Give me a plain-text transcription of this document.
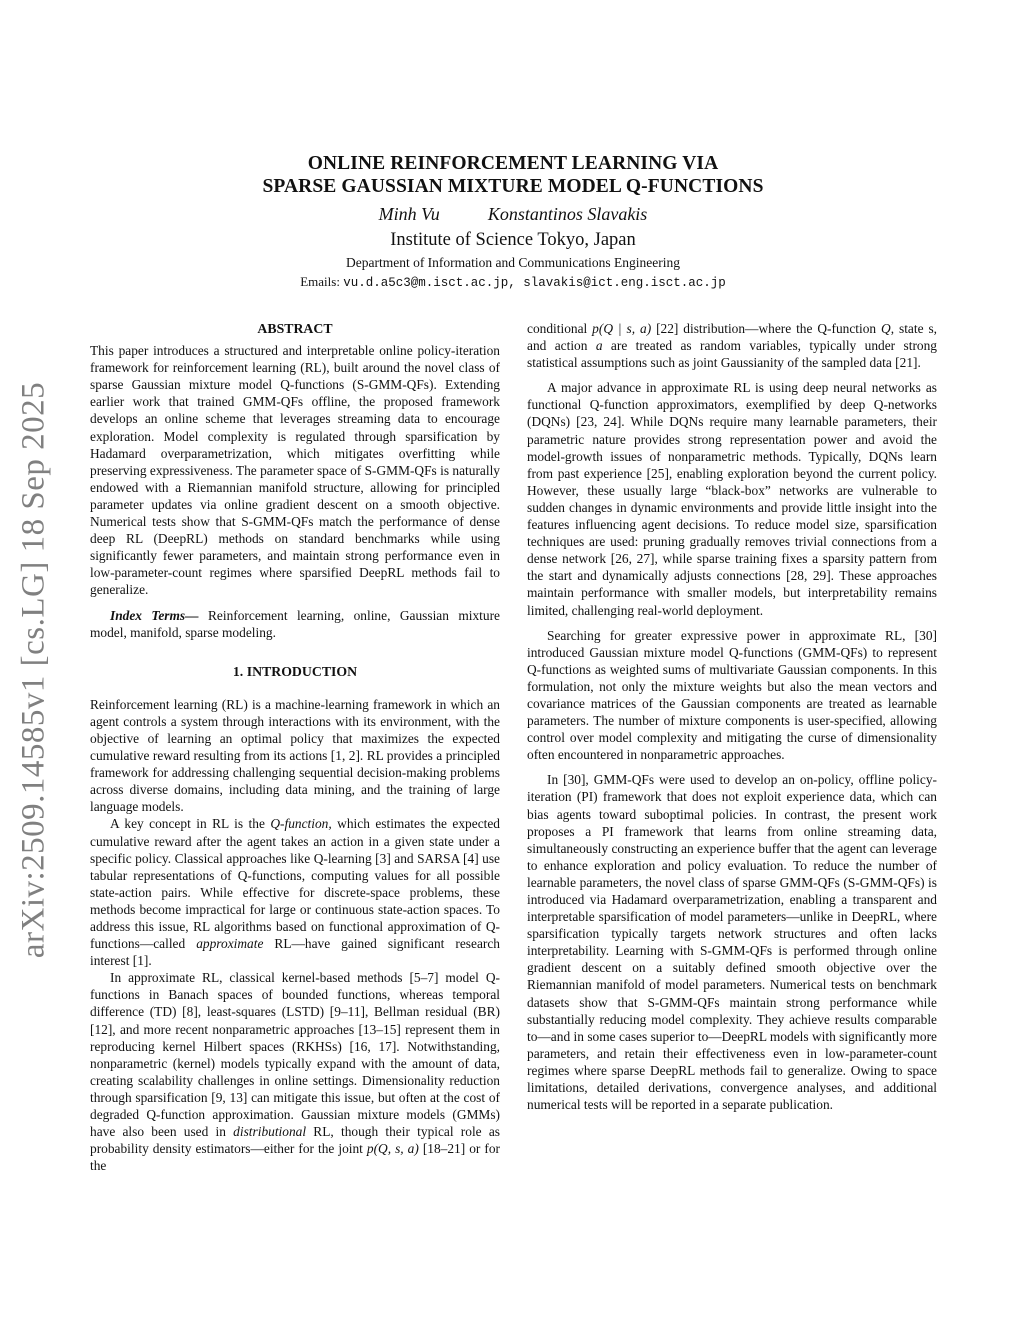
arXiv:2509.14585v1 [cs.LG] 18 Sep 2025
ONLINE REINFORCEMENT LEARNING VIA
SPARSE GAUSSIAN MIXTURE MODEL Q-FUNCTIONS
Minh Vu	Konstantinos Slavakis
Institute of Science Tokyo, Japan
Department of Information and Communications Engineering
Emails: vu.d.a5c3@m.isct.ac.jp, slavakis@ict.eng.isct.ac.jp
ABSTRACT

This paper introduces a structured and interpretable online policy-iteration framework for reinforcement learning (RL), built around the novel class of sparse Gaussian mixture model Q-functions (S-GMM-QFs). Extending earlier work that trained GMM-QFs offline, the proposed framework develops an online scheme that leverages streaming data to encourage exploration. Model complexity is regulated through sparsification by Hadamard overparametrization, which mitigates overfitting while preserving expressiveness. The parameter space of S-GMM-QFs is naturally endowed with a Riemannian manifold structure, allowing for principled parameter updates via online gradient descent on a smooth objective. Numerical tests show that S-GMM-QFs match the performance of dense deep RL (DeepRL) methods on standard benchmarks while using significantly fewer parameters, and maintain strong performance even in low-parameter-count regimes where sparsified DeepRL methods fail to generalize.

Index Terms— Reinforcement learning, online, Gaussian mixture model, manifold, sparse modeling.

1. INTRODUCTION

Reinforcement learning (RL) is a machine-learning framework in which an agent controls a system through interactions with its environment, with the objective of learning an optimal policy that maximizes the expected cumulative reward resulting from its actions [1, 2]. RL provides a principled framework for addressing challenging sequential decision-making problems across diverse domains, including data mining, and the training of large language models.

A key concept in RL is the Q-function, which estimates the expected cumulative reward after the agent takes an action in a given state under a specific policy. Classical approaches like Q-learning [3] and SARSA [4] use tabular representations of Q-functions, computing values for all possible state-action pairs. While effective for discrete-space problems, these methods become impractical for large or continuous state-action spaces. To address this issue, RL algorithms based on functional approximation of Q-functions—called approximate RL—have gained significant research interest [1].

In approximate RL, classical kernel-based methods [5–7] model Q-functions in Banach spaces of bounded functions, whereas temporal difference (TD) [8], least-squares (LSTD) [9–11], Bellman residual (BR) [12], and more recent nonparametric approaches [13–15] represent them in reproducing kernel Hilbert spaces (RKHSs) [16, 17]. Notwithstanding, nonparametric (kernel) models typically expand with the amount of data, creating scalability challenges in online settings. Dimensionality reduction through sparsification [9, 13] can mitigate this issue, but often at the cost of degraded Q-function approximation. Gaussian mixture models (GMMs) have also been used in distributional RL, though their typical role as probability density estimators—either for the joint p(Q, s, a) [18–21] or for the

conditional p(Q | s, a) [22] distribution—where the Q-function Q, state s, and action a are treated as random variables, typically under strong statistical assumptions such as joint Gaussianity of the sampled data [21].

A major advance in approximate RL is using deep neural networks as functional Q-function approximators, exemplified by deep Q-networks (DQNs) [23, 24]. While DQNs require many learnable parameters, their parametric nature provides strong representation power and avoid the model-growth issues of nonparametric methods. Typically, DQNs learn from past experience [25], enabling exploration beyond the current policy. However, these usually large “black-box” networks are vulnerable to sudden changes in dynamic environments and provide little insight into the features influencing agent decisions. To reduce model size, sparsification techniques are used: pruning gradually removes trivial connections from a dense network [26, 27], while sparse training fixes a sparsity pattern from the start and dynamically adjusts connections [28, 29]. These approaches maintain performance with smaller models, but interpretability remains limited, challenging real-world deployment.

Searching for greater expressive power in approximate RL, [30] introduced Gaussian mixture model Q-functions (GMM-QFs) to represent Q-functions as weighted sums of multivariate Gaussian components. In this formulation, not only the mixture weights but also the mean vectors and covariance matrices of the Gaussian components are treated as learnable parameters. The number of mixture components is user-specified, allowing control over model complexity and mitigating the curse of dimensionality often encountered in nonparametric approaches.

In [30], GMM-QFs were used to develop an on-policy, offline policy-iteration (PI) framework that does not exploit experience data, which can bias agents toward suboptimal policies. In contrast, the present work proposes a PI framework that learns from online streaming data, simultaneously constructing an experience buffer that the agent can leverage to enhance exploration and policy evaluation. To reduce the number of learnable parameters, the novel class of sparse GMM-QFs (S-GMM-QFs) is introduced via Hadamard overparametrization, enabling a transparent and interpretable sparsification of model parameters—unlike in DeepRL, where sparsification typically targets network structures and often lacks interpretability. Learning with S-GMM-QFs is performed through online gradient descent on a suitably defined smooth objective over the Riemannian manifold of model parameters. Numerical tests on benchmark datasets show that S-GMM-QFs maintain strong performance while substantially reducing model complexity. They achieve results comparable to—and in some cases superior to—DeepRL models with significantly more parameters, and retain their effectiveness even in low-parameter-count regimes where sparse DeepRL methods fail to generalize. Owing to space limitations, detailed derivations, convergence analyses, and additional numerical tests will be reported in a separate publication.
